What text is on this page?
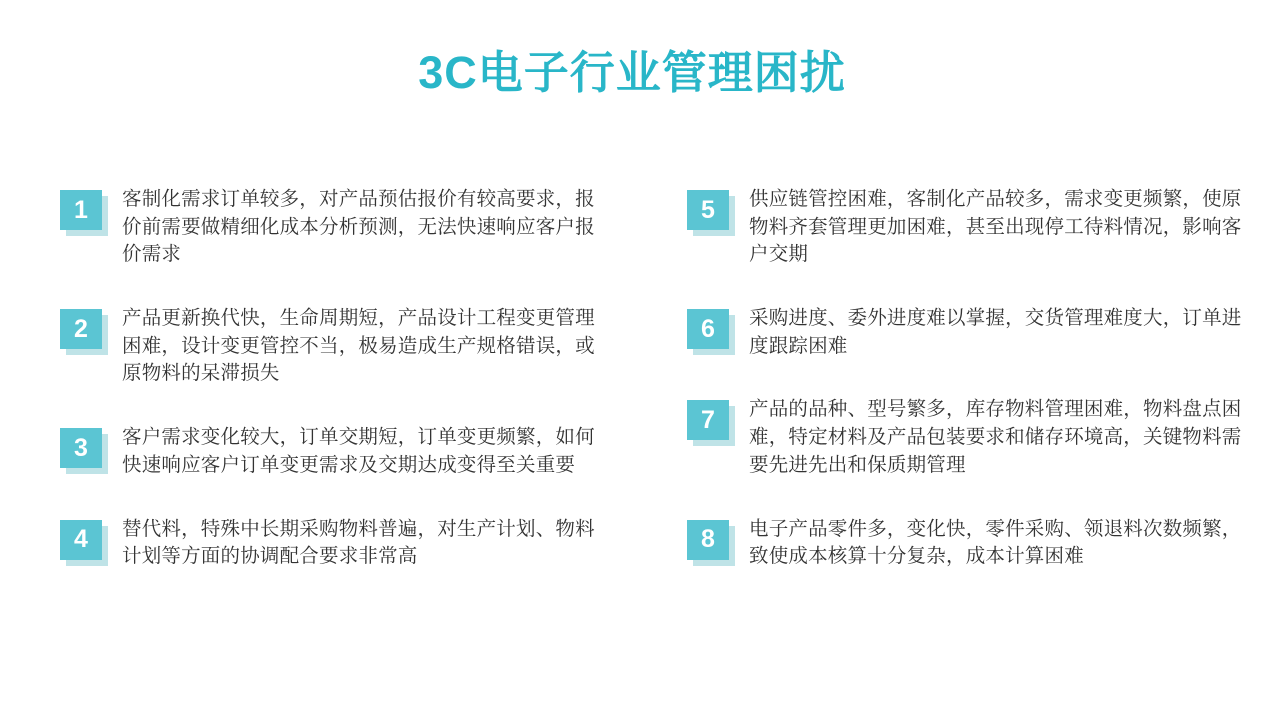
3C电子行业管理困扰
1	客制化需求订单较多，对产品预估报价有较高要求，报价前需要做精细化成本分析预测，无法快速响应客户报价需求
2	产品更新换代快，生命周期短，产品设计工程变更管理困难，设计变更管控不当，极易造成生产规格错误，或原物料的呆滞损失
3	客户需求变化较大，订单交期短，订单变更频繁，如何快速响应客户订单变更需求及交期达成变得至关重要
4	替代料，特殊中长期采购物料普遍，对生产计划、物料计划等方面的协调配合要求非常高
5	供应链管控困难，客制化产品较多，需求变更频繁，使原物料齐套管理更加困难，甚至出现停工待料情况，影响客户交期
6	采购进度、委外进度难以掌握，交货管理难度大，订单进度跟踪困难
7	产品的品种、型号繁多，库存物料管理困难，物料盘点困难，特定材料及产品包装要求和储存环境高，关键物料需要先进先出和保质期管理
8	电子产品零件多，变化快，零件采购、领退料次数频繁，致使成本核算十分复杂，成本计算困难
